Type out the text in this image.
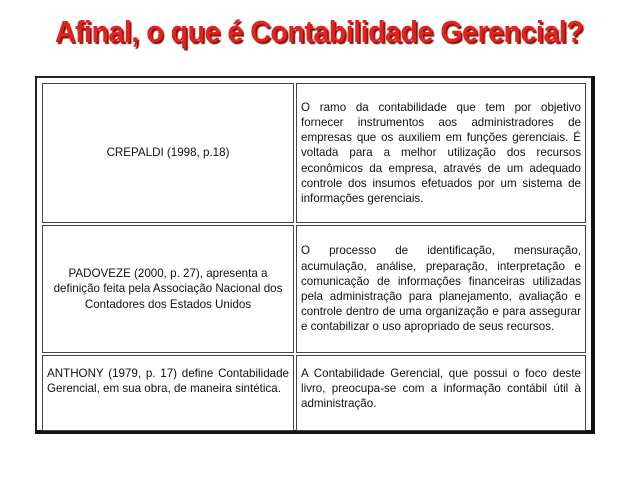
Afinal, o que é Contabilidade Gerencial?
CREPALDI (1998, p.18)	O ramo da contabilidade que tem por objetivo fornecer instrumentos aos administradores de empresas que os auxiliem em funções gerenciais. É voltada para a melhor utilização dos recursos econômicos da empresa, através de um adequado controle dos insumos efetuados por um sistema de informações gerenciais.
PADOVEZE (2000, p. 27), apresenta a definição feita pela Associação Nacional dos Contadores dos Estados Unidos	O processo de identificação, mensuração, acumulação, análise, preparação, interpretação e comunicação de informações financeiras utilizadas pela administração para planejamento, avaliação e controle dentro de uma organização e para assegurar e contabilizar o uso apropriado de seus recursos.
ANTHONY (1979, p. 17) define Contabilidade Gerencial, em sua obra, de maneira sintética.	A Contabilidade Gerencial, que possui o foco deste livro, preocupa-se com a informação contábil útil à administração.
